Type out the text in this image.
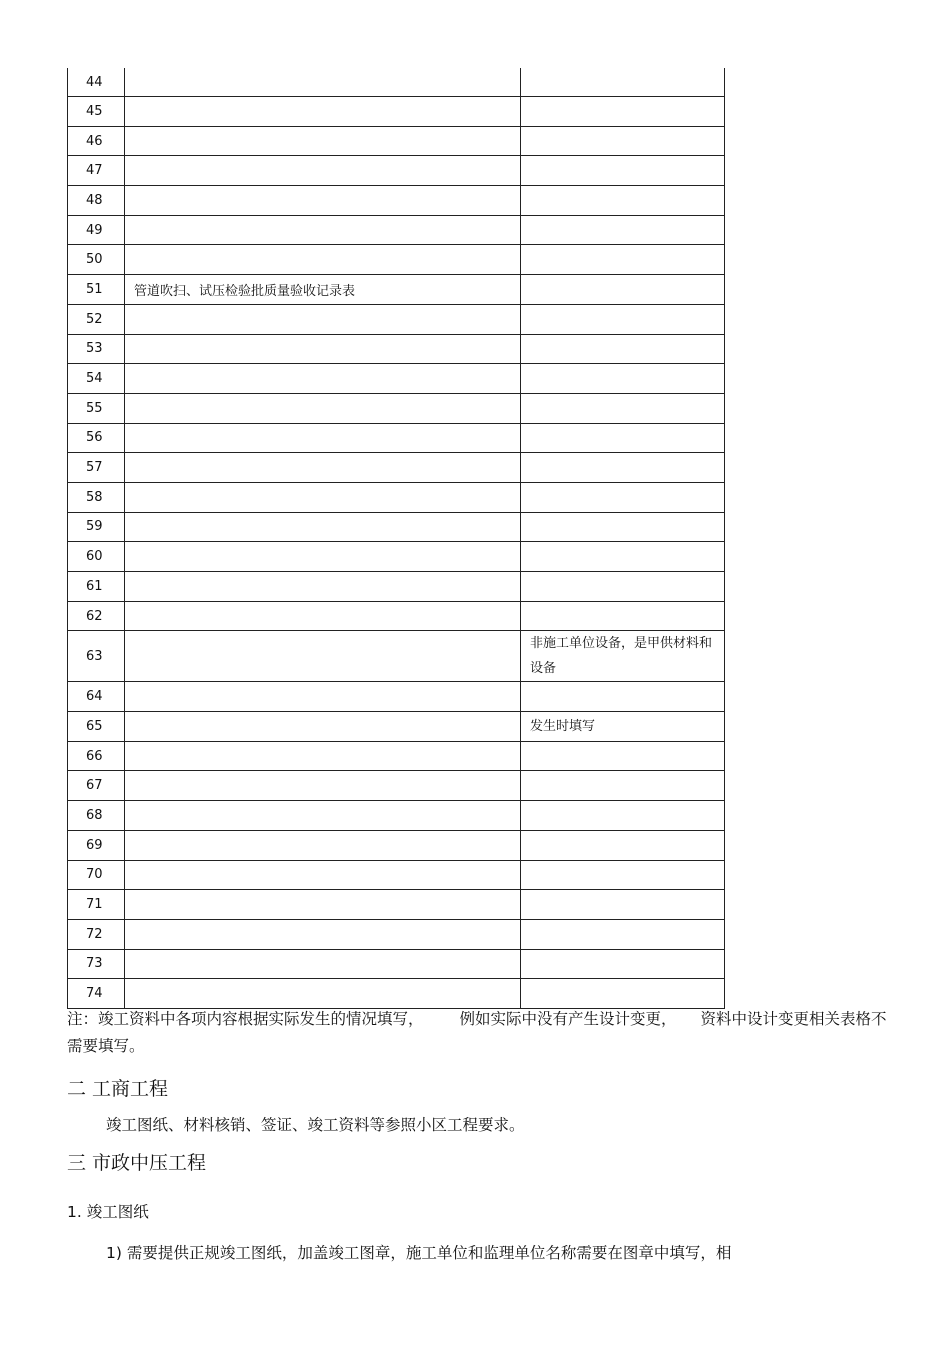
44		
45		
46		
47		
48		
49		
50		
51	管道吹扫、试压检验批质量验收记录表	
52		
53		
54		
55		
56		
57		
58		
59		
60		
61		
62		
63		非施工单位设备，是甲供材料和设备
64		
65		发生时填写
66		
67		
68		
69		
70		
71		
72		
73		
74		
注：竣工资料中各项内容根据实际发生的情况填写， 例如实际中没有产生设计变更， 资料中设计变更相关表格不需要填写。
二 工商工程
竣工图纸、材料核销、签证、竣工资料等参照小区工程要求。
三 市政中压工程
1. 竣工图纸
1) 需要提供正规竣工图纸，加盖竣工图章，施工单位和监理单位名称需要在图章中填写，相
